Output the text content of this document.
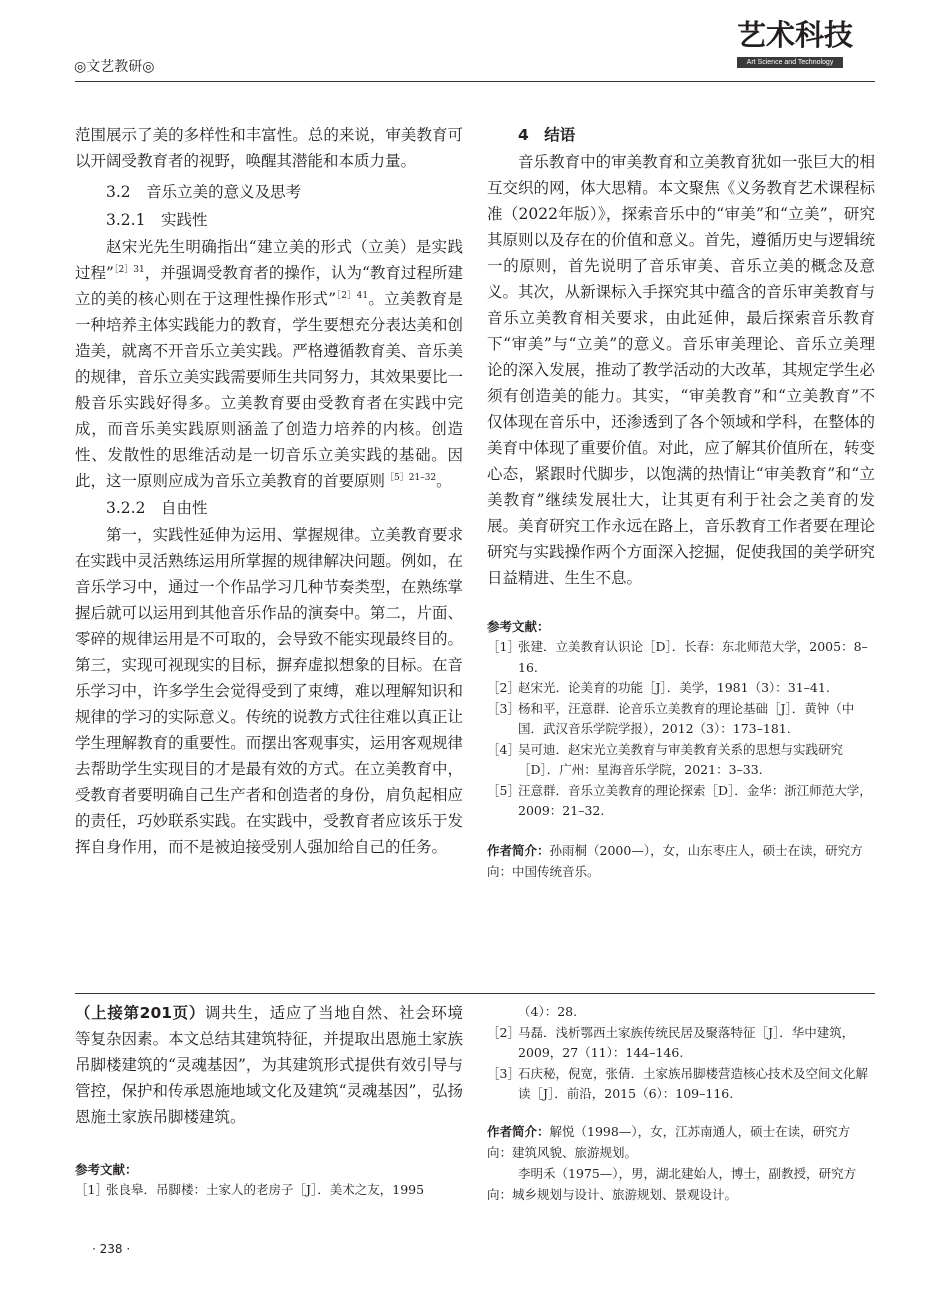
◎文艺教研◎
艺术科技
Art Science and Technology

范围展示了美的多样性和丰富性。总的来说，审美教育可以开阔受教育者的视野，唤醒其潜能和本质力量。

3.2　音乐立美的意义及思考

3.2.1　实践性

赵宋光先生明确指出“建立美的形式（立美）是实践过程”$^{[2]31}$，并强调受教育者的操作，认为“教育过程所建立的美的核心则在于这理性操作形式”$^{[2]41}$。立美教育是一种培养主体实践能力的教育，学生要想充分表达美和创造美，就离不开音乐立美实践。严格遵循教育美、音乐美的规律，音乐立美实践需要师生共同努力，其效果要比一般音乐实践好得多。立美教育要由受教育者在实践中完成，而音乐美实践原则涵盖了创造力培养的内核。创造性、发散性的思维活动是一切音乐立美实践的基础。因此，这一原则应成为音乐立美教育的首要原则$^{[5]21-32}$。

3.2.2　自由性

第一，实践性延伸为运用、掌握规律。立美教育要求在实践中灵活熟练运用所掌握的规律解决问题。例如，在音乐学习中，通过一个作品学习几种节奏类型，在熟练掌握后就可以运用到其他音乐作品的演奏中。第二，片面、零碎的规律运用是不可取的，会导致不能实现最终目的。第三，实现可视现实的目标，摒弃虚拟想象的目标。在音乐学习中，许多学生会觉得受到了束缚，难以理解知识和规律的学习的实际意义。传统的说教方式往往难以真正让学生理解教育的重要性。而摆出客观事实，运用客观规律去帮助学生实现目的才是最有效的方式。在立美教育中，受教育者要明确自己生产者和创造者的身份，肩负起相应的责任，巧妙联系实践。在实践中，受教育者应该乐于发挥自身作用，而不是被迫接受别人强加给自己的任务。

4　结语

音乐教育中的审美教育和立美教育犹如一张巨大的相互交织的网，体大思精。本文聚焦《义务教育艺术课程标准（2022年版）》，探索音乐中的“审美”和“立美”，研究其原则以及存在的价值和意义。首先，遵循历史与逻辑统一的原则，首先说明了音乐审美、音乐立美的概念及意义。其次，从新课标入手探究其中蕴含的音乐审美教育与音乐立美教育相关要求，由此延伸，最后探索音乐教育下“审美”与“立美”的意义。音乐审美理论、音乐立美理论的深入发展，推动了教学活动的大改革，其规定学生必须有创造美的能力。其实，“审美教育”和“立美教育”不仅体现在音乐中，还渗透到了各个领域和学科，在整体的美育中体现了重要价值。对此，应了解其价值所在，转变心态，紧跟时代脚步，以饱满的热情让“审美教育”和“立美教育”继续发展壮大，让其更有利于社会之美育的发展。美育研究工作永远在路上，音乐教育工作者要在理论研究与实践操作两个方面深入挖掘，促使我国的美学研究日益精进、生生不息。

参考文献：

［1］张建．立美教育认识论［D］．长春：东北师范大学，2005：8–16.

［2］赵宋光．论美育的功能［J］．美学，1981（3）：31–41.

［3］杨和平，汪意群．论音乐立美教育的理论基础［J］．黄钟（中国．武汉音乐学院学报），2012（3）：173–181.

［4］吴可迪．赵宋光立美教育与审美教育关系的思想与实践研究［D］．广州：星海音乐学院，2021：3–33.

［5］汪意群．音乐立美教育的理论探索［D］．金华：浙江师范大学，2009：21–32.

作者简介：孙雨桐（2000—），女，山东枣庄人，硕士在读，研究方向：中国传统音乐。

（上接第201页）调共生，适应了当地自然、社会环境等复杂因素。本文总结其建筑特征，并提取出恩施土家族吊脚楼建筑的“灵魂基因”，为其建筑形式提供有效引导与管控，保护和传承恩施地域文化及建筑“灵魂基因”，弘扬恩施土家族吊脚楼建筑。

参考文献：

［1］张良皋．吊脚楼：土家人的老房子［J］．美术之友，1995

（4）：28.

［2］马磊．浅析鄂西土家族传统民居及聚落特征［J］．华中建筑，2009，27（11）：144–146.

［3］石庆秘，倪宽，张倩．土家族吊脚楼营造核心技术及空间文化解读［J］．前沿，2015（6）：109–116.

作者简介：解悦（1998—），女，江苏南通人，硕士在读，研究方向：建筑风貌、旅游规划。

李明禾（1975—），男，湖北建始人，博士，副教授，研究方向：城乡规划与设计、旅游规划、景观设计。

· 238 ·
